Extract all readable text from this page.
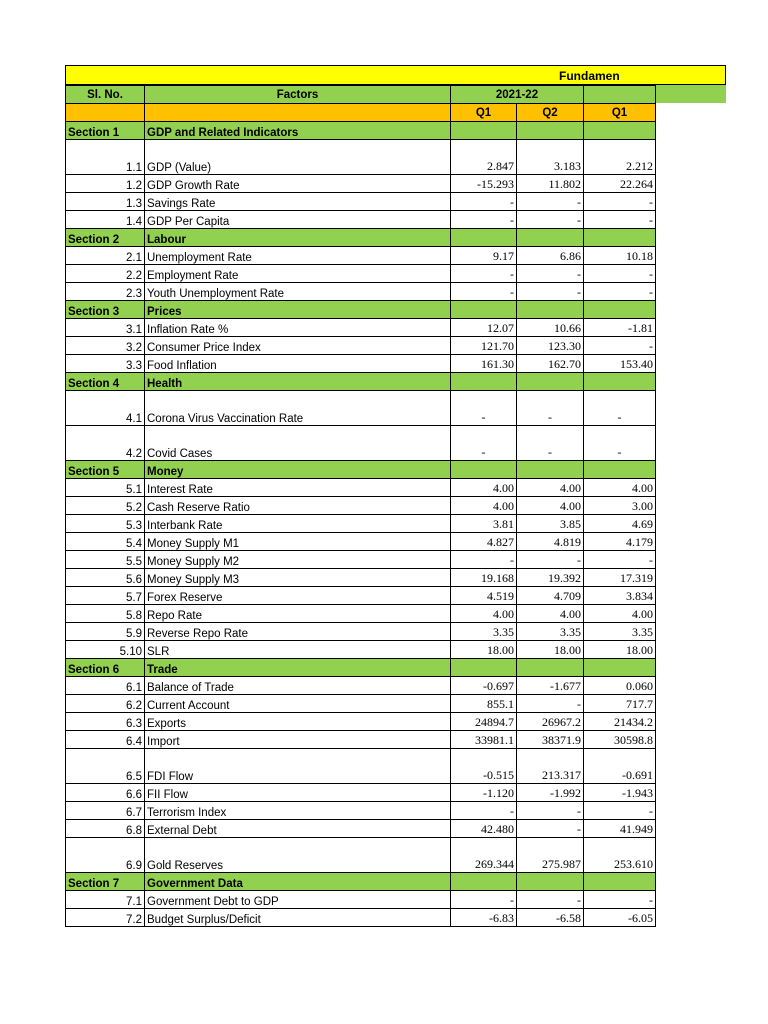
Fundamen
Sl. No.	Factors	2021-22		
		Q1	Q2	Q1
Section 1	GDP and Related Indicators			
1.1	GDP (Value)	2.847	3.183	2.212
1.2	GDP Growth Rate	-15.293	11.802	22.264
1.3	Savings Rate	-	-	-
1.4	GDP Per Capita	-	-	-
Section 2	Labour			
2.1	Unemployment Rate	9.17	6.86	10.18
2.2	Employment Rate	-	-	-
2.3	Youth Unemployment Rate	-	-	-
Section 3	Prices			
3.1	Inflation Rate %	12.07	10.66	-1.81
3.2	Consumer Price Index	121.70	123.30	-
3.3	Food Inflation	161.30	162.70	153.40
Section 4	Health			
4.1	Corona Virus Vaccination Rate	-	-	-
4.2	Covid Cases	-	-	-
Section 5	Money			
5.1	Interest Rate	4.00	4.00	4.00
5.2	Cash Reserve Ratio	4.00	4.00	3.00
5.3	Interbank Rate	3.81	3.85	4.69
5.4	Money Supply M1	4.827	4.819	4.179
5.5	Money Supply M2	-	-	-
5.6	Money Supply M3	19.168	19.392	17.319
5.7	Forex Reserve	4.519	4.709	3.834
5.8	Repo Rate	4.00	4.00	4.00
5.9	Reverse Repo Rate	3.35	3.35	3.35
5.10	SLR	18.00	18.00	18.00
Section 6	Trade			
6.1	Balance of Trade	-0.697	-1.677	0.060
6.2	Current Account	855.1	-	717.7
6.3	Exports	24894.7	26967.2	21434.2
6.4	Import	33981.1	38371.9	30598.8
6.5	FDI Flow	-0.515	213.317	-0.691
6.6	FII Flow	-1.120	-1.992	-1.943
6.7	Terrorism Index	-	-	-
6.8	External Debt	42.480	-	41.949
6.9	Gold Reserves	269.344	275.987	253.610
Section 7	Government Data			
7.1	Government Debt to GDP	-	-	-
7.2	Budget Surplus/Deficit	-6.83	-6.58	-6.05
